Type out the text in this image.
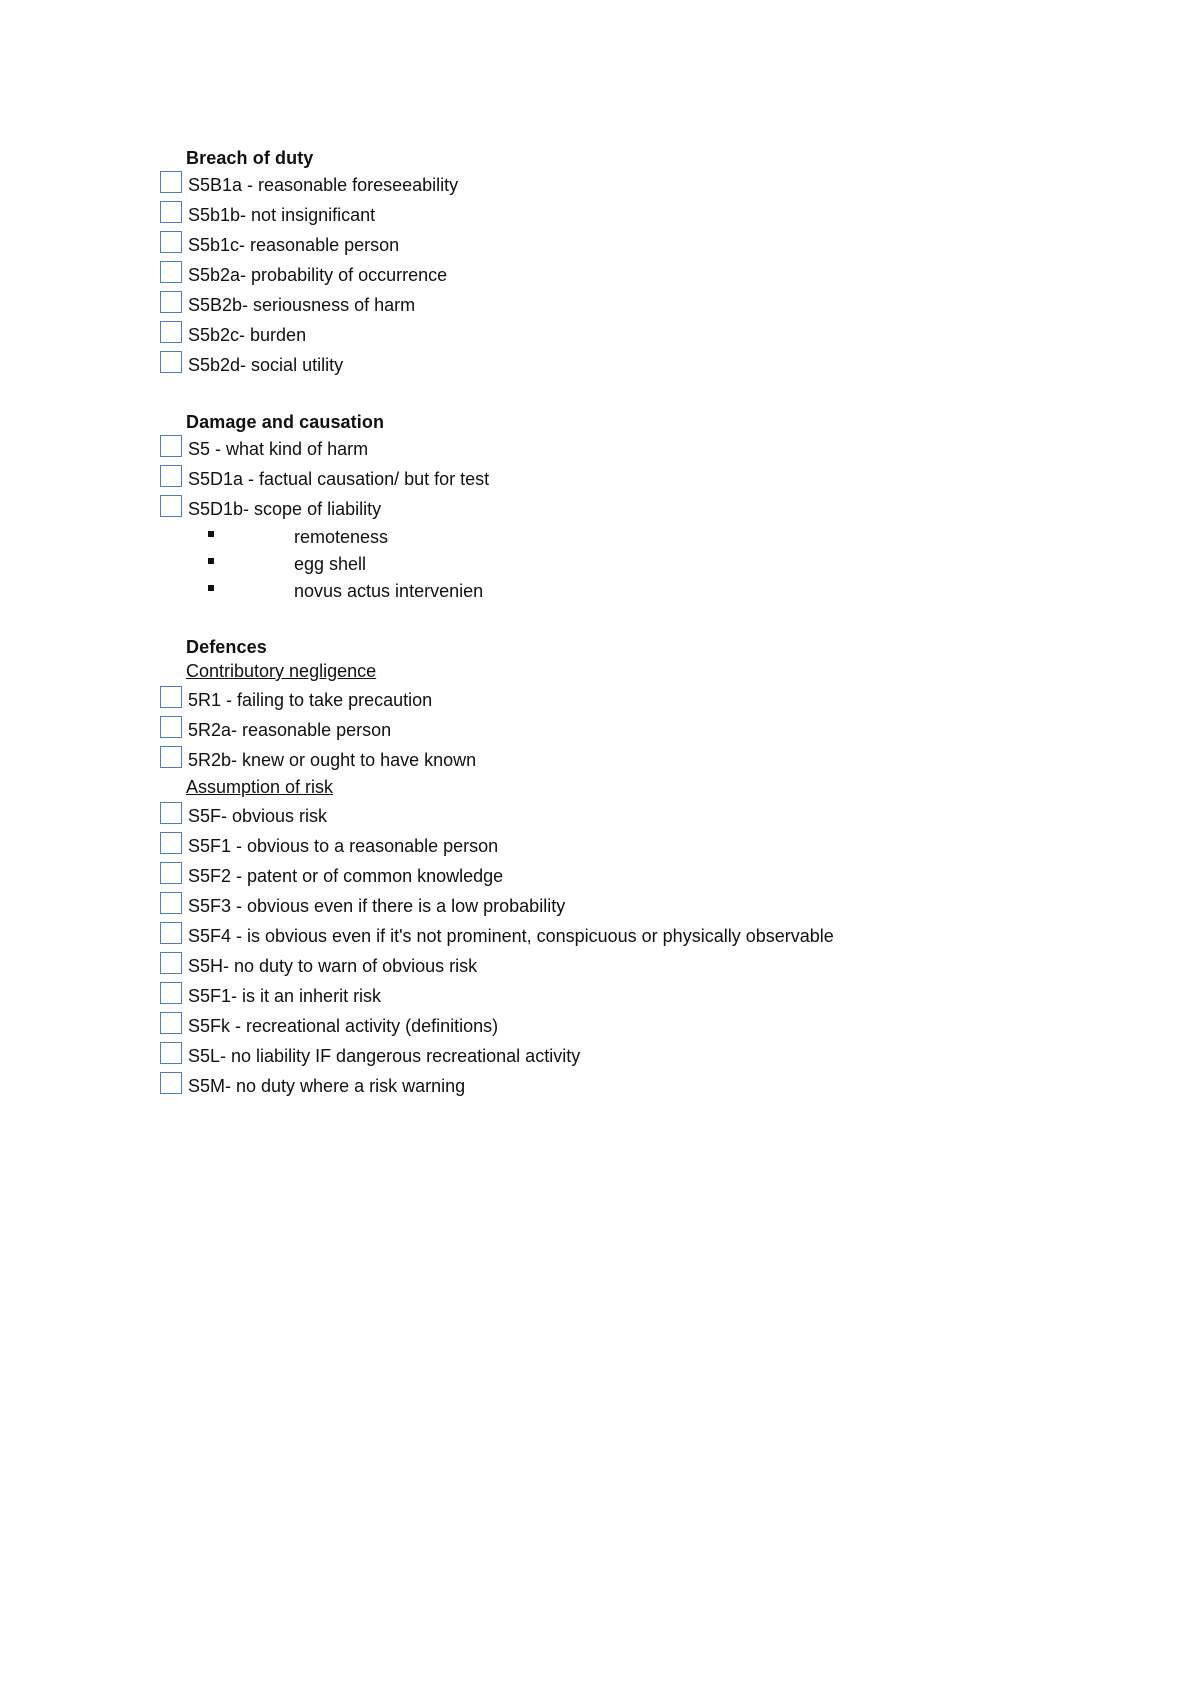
Breach of duty
S5B1a - reasonable foreseeability
S5b1b- not insignificant
S5b1c- reasonable person
S5b2a- probability of occurrence
S5B2b- seriousness of harm
S5b2c- burden
S5b2d- social utility
Damage and causation
S5 - what kind of harm
S5D1a - factual causation/ but for test
S5D1b- scope of liability
remoteness
egg shell
novus actus intervenien
Defences
Contributory negligence
5R1 - failing to take precaution
5R2a- reasonable person
5R2b- knew or ought to have known
Assumption of risk
S5F- obvious risk
S5F1 - obvious to a reasonable person
S5F2 - patent or of common knowledge
S5F3 - obvious even if there is a low probability
S5F4 - is obvious even if it's not prominent, conspicuous or physically observable
S5H- no duty to warn of obvious risk
S5F1- is it an inherit risk
S5Fk - recreational activity (definitions)
S5L- no liability IF dangerous recreational activity
S5M- no duty where a risk warning
